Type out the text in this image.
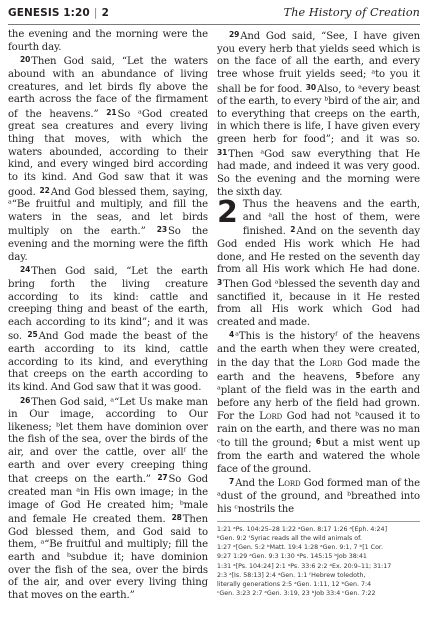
GENESIS 1:20 | 2	The History of Creation

the evening and the morning were the fourth day.

20Then God said, “Let the waters abound with an abundance of living creatures, and let birds fly above the earth across the face of the firmament of the heavens.” 21So ᵃGod created great sea creatures and every living thing that moves, with which the waters abounded, according to their kind, and every winged bird according to its kind. And God saw that it was good. 22And God blessed them, saying, ᵃ“Be fruitful and multiply, and fill the waters in the seas, and let birds multiply on the earth.” 23So the evening and the morning were the fifth day.

24Then God said, “Let the earth bring forth the living creature according to its kind: cattle and creeping thing and beast of the earth, each according to its kind”; and it was so. 25And God made the beast of the earth according to its kind, cattle according to its kind, and everything that creeps on the earth according to its kind. And God saw that it was good.

26Then God said, ᵃ“Let Us make man in Our image, according to Our likeness; ᵇlet them have dominion over the fish of the sea, over the birds of the air, and over the cattle, over allᶠ the earth and over every creeping thing that creeps on the earth.” 27So God created man ᵃin His own image; in the image of God He created him; ᵇmale and female He created them. 28Then God blessed them, and God said to them, ᵃ“Be fruitful and multiply; fill the earth and ᵇsubdue it; have dominion over the fish of the sea, over the birds of the air, and over every living thing that moves on the earth.”

29And God said, “See, I have given you every herb that yields seed which is on the face of all the earth, and every tree whose fruit yields seed; ᵃto you it shall be for food. 30Also, to ᵃevery beast of the earth, to every ᵇbird of the air, and to everything that creeps on the earth, in which there is life, I have given every green herb for food”; and it was so. 31Then ᵃGod saw everything that He had made, and indeed it was very good. So the evening and the morning were the sixth day.

2 Thus the heavens and the earth, and ᵃall the host of them, were finished. 2And on the seventh day God ended His work which He had done, and He rested on the seventh day from all His work which He had done. 3Then God ᵃblessed the seventh day and sanctified it, because in it He rested from all His work which God had created and made.

4ᵃThis is the historyᶠ of the heavens and the earth when they were created, in the day that the Lord God made the earth and the heavens, 5before any ᵃplant of the field was in the earth and before any herb of the field had grown. For the Lord God had not ᵇcaused it to rain on the earth, and there was no man ᶜto till the ground; 6but a mist went up from the earth and watered the whole face of the ground.

7And the Lord God formed man of the ᵃdust of the ground, and ᵇbreathed into his ᶜnostrils the

1:21 ᵃPs. 104:25–28 1:22 ᵃGen. 8:17 1:26 ᵃ[Eph. 4:24]
ᵇGen. 9:2 ᶠSyriac reads all the wild animals of.
1:27 ᵃ[Gen. 5:2 ᵇMatt. 19:4 1:28 ᵃGen. 9:1, 7 ᵇ[1 Cor.
9:27 1:29 ᵃGen. 9:3 1:30 ᵃPs. 145:15 ᵇJob 38:41
1:31 ᵃ[Ps. 104:24] 2:1 ᵃPs. 33:6 2:2 ᵃEx. 20:9–11; 31:17
2:3 ᵃ[Is. 58:13] 2:4 ᵃGen. 1:1 ᶠHebrew toledoth,
literally generations 2:5 ᵃGen. 1:11, 12 ᵇGen. 7:4
ᶜGen. 3:23 2:7 ᵃGen. 3:19, 23 ᵇJob 33:4 ᶜGen. 7:22
